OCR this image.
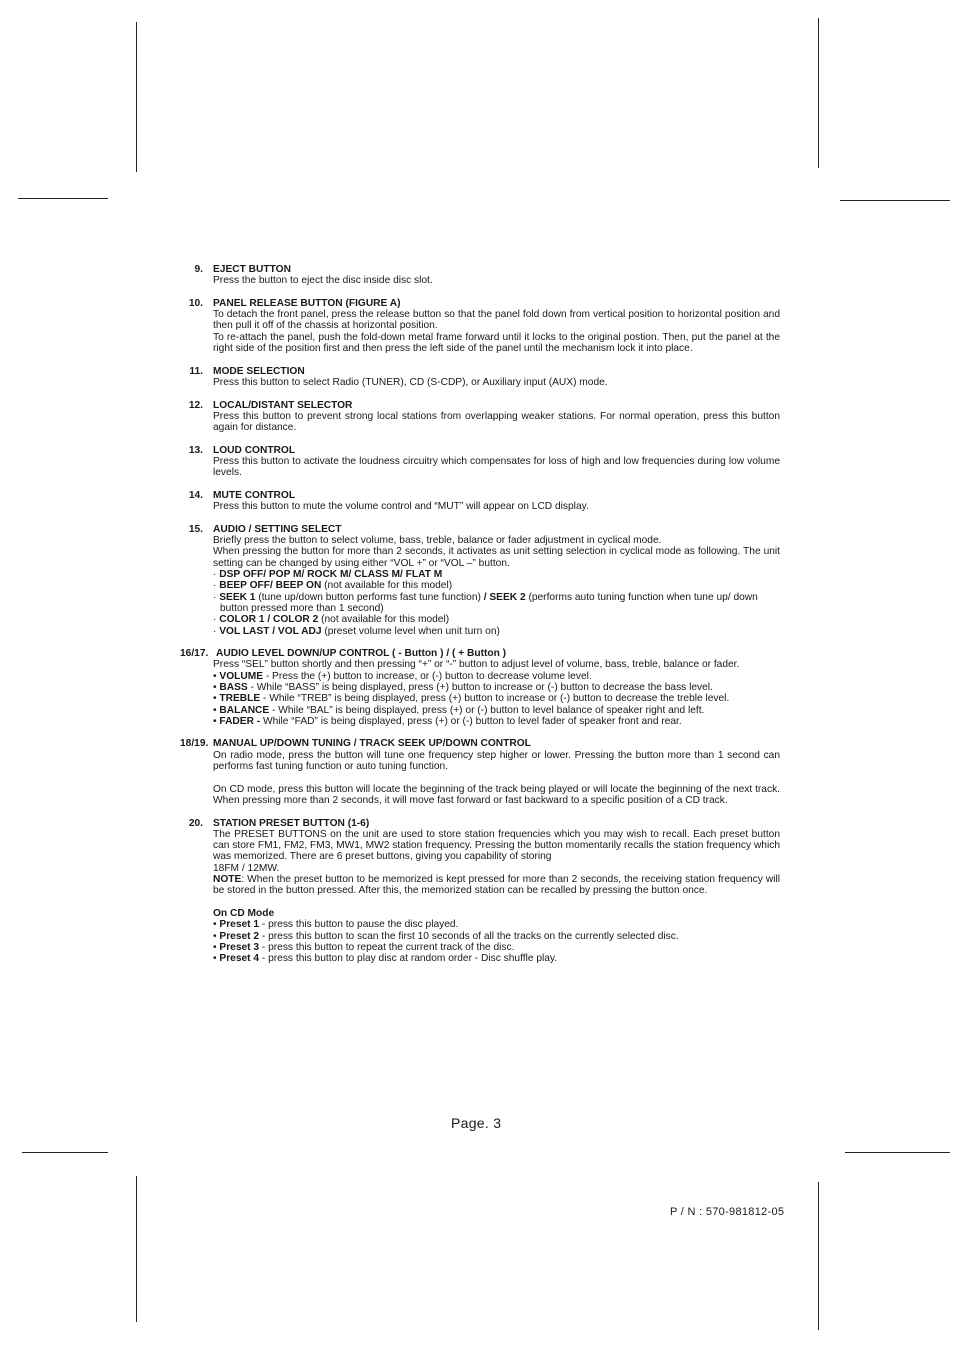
9. EJECT BUTTON
Press the button to eject the disc inside disc slot.
10. PANEL RELEASE BUTTON (FIGURE A)
To detach the front panel, press the release button so that the panel fold down from vertical position to horizontal position and then pull it off of the chassis at horizontal position.
To re-attach the panel, push the fold-down metal frame forward until it locks to the original postion. Then, put the panel at the right side of the position first and then press the left side of the panel until the mechanism lock it into place.
11. MODE SELECTION
Press this button to select Radio (TUNER), CD (S-CDP), or Auxiliary input (AUX) mode.
12. LOCAL/DISTANT SELECTOR
Press this button to prevent strong local stations from overlapping weaker stations. For normal operation, press this button again for distance.
13. LOUD CONTROL
Press this button to activate the loudness circuitry which compensates for loss of high and low frequencies during low volume levels.
14. MUTE CONTROL
Press this button to mute the volume control and “MUT” will appear on LCD display.
15. AUDIO / SETTING SELECT
Briefly press the button to select volume, bass, treble, balance or fader adjustment in cyclical mode.
When pressing the button for more than 2 seconds, it activates as unit setting selection in cyclical mode as following. The unit setting can be changed by using either “VOL +” or “VOL –” button.
· DSP OFF/ POP M/ ROCK M/ CLASS M/ FLAT M
· BEEP OFF/ BEEP ON (not available for this model)
· SEEK 1 (tune up/down button performs fast tune function) / SEEK 2 (performs auto tuning function when tune up/ down button pressed more than 1 second)
· COLOR 1 / COLOR 2 (not available for this model)
· VOL LAST / VOL ADJ (preset volume level when unit turn on)
16/17. AUDIO LEVEL DOWN/UP CONTROL ( - Button ) / ( + Button )
Press “SEL” button shortly and then pressing “+” or “-” button to adjust level of volume, bass, treble, balance or fader.
• VOLUME - Press the (+) button to increase, or (-) button to decrease volume level.
• BASS - While “BASS” is being displayed, press (+) button to increase or (-) button to decrease the bass level.
• TREBLE - While “TREB” is being displayed, press (+) button to increase or (-) button to decrease the treble level.
• BALANCE - While “BAL” is being displayed, press (+) or (-) button to level balance of speaker right and left.
• FADER - While “FAD” is being displayed, press (+) or (-) button to level fader of speaker front and rear.
18/19. MANUAL UP/DOWN TUNING / TRACK SEEK UP/DOWN CONTROL
On radio mode, press the button will tune one frequency step higher or lower. Pressing the button more than 1 second can performs fast tuning function or auto tuning function.
On CD mode, press this button will locate the beginning of the track being played or will locate the beginning of the next track. When pressing more than 2 seconds, it will move fast forward or fast backward to a specific position of a CD track.
20. STATION PRESET BUTTON (1-6)
The PRESET BUTTONS on the unit are used to store station frequencies which you may wish to recall. Each preset button can store FM1, FM2, FM3, MW1, MW2 station frequency. Pressing the button momentarily recalls the station frequency which was memorized. There are 6 preset buttons, giving you capability of storing
18FM / 12MW.
NOTE: When the preset button to be memorized is kept pressed for more than 2 seconds, the receiving station frequency will be stored in the button pressed. After this, the memorized station can be recalled by pressing the button once.
On CD Mode
• Preset 1 - press this button to pause the disc played.
• Preset 2 - press this button to scan the first 10 seconds of all the tracks on the currently selected disc.
• Preset 3 - press this button to repeat the current track of the disc.
• Preset 4 - press this button to play disc at random order - Disc shuffle play.
Page. 3
P / N : 570-981812-05
